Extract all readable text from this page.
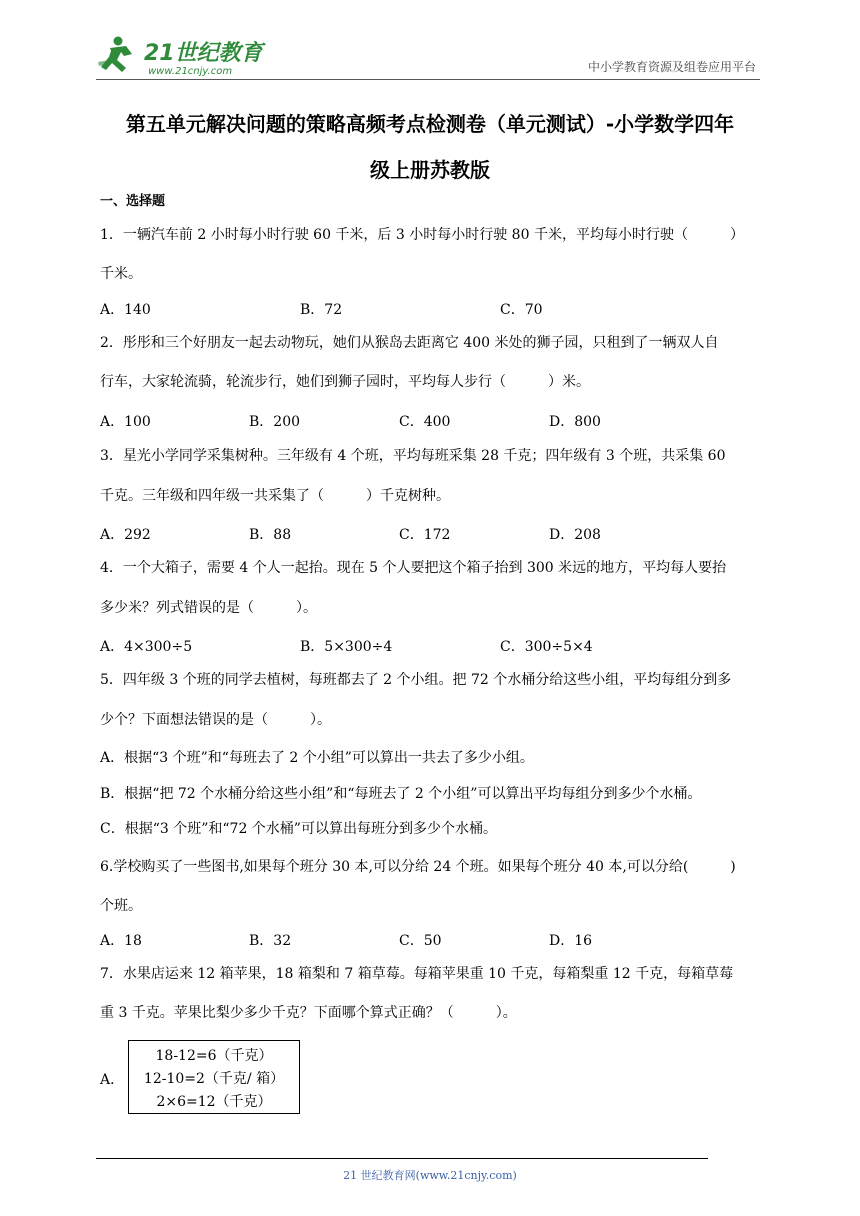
21世纪教育
www.21cnjy.com	中小学教育资源及组卷应用平台
第五单元解决问题的策略高频考点检测卷（单元测试）-小学数学四年
级上册苏教版
一、选择题
1．一辆汽车前 2 小时每小时行驶 60 千米，后 3 小时每小时行驶 80 千米，平均每小时行驶（　　　）
千米。
A．140	B．72	C．70
2．彤彤和三个好朋友一起去动物玩，她们从猴岛去距离它 400 米处的狮子园，只租到了一辆双人自
行车，大家轮流骑，轮流步行，她们到狮子园时，平均每人步行（　　　）米。
A．100	B．200	C．400	D．800
3．星光小学同学采集树种。三年级有 4 个班，平均每班采集 28 千克；四年级有 3 个班，共采集 60
千克。三年级和四年级一共采集了（　　　）千克树种。
A．292	B．88	C．172	D．208
4．一个大箱子，需要 4 个人一起抬。现在 5 个人要把这个箱子抬到 300 米远的地方，平均每人要抬
多少米？列式错误的是（　　　）。
A．4×300÷5	B．5×300÷4	C．300÷5×4
5．四年级 3 个班的同学去植树，每班都去了 2 个小组。把 72 个水桶分给这些小组，平均每组分到多
少个？下面想法错误的是（　　　）。
A．根据“3 个班”和“每班去了 2 个小组”可以算出一共去了多少小组。
B．根据“把 72 个水桶分给这些小组”和“每班去了 2 个小组”可以算出平均每组分到多少个水桶。
C．根据“3 个班”和“72 个水桶”可以算出每班分到多少个水桶。
6.学校购买了一些图书,如果每个班分 30 本,可以分给 24 个班。如果每个班分 40 本,可以分给(　　　)
个班。
A．18	B．32	C．50	D．16
7．水果店运来 12 箱苹果，18 箱梨和 7 箱草莓。每箱苹果重 10 千克，每箱梨重 12 千克，每箱草莓
重 3 千克。苹果比梨少多少千克？下面哪个算式正确？（　　　）。
A．
18-12=6（千克）
12-10=2（千克/ 箱）
2×6=12（千克）
21 世纪教育网(www.21cnjy.com)
